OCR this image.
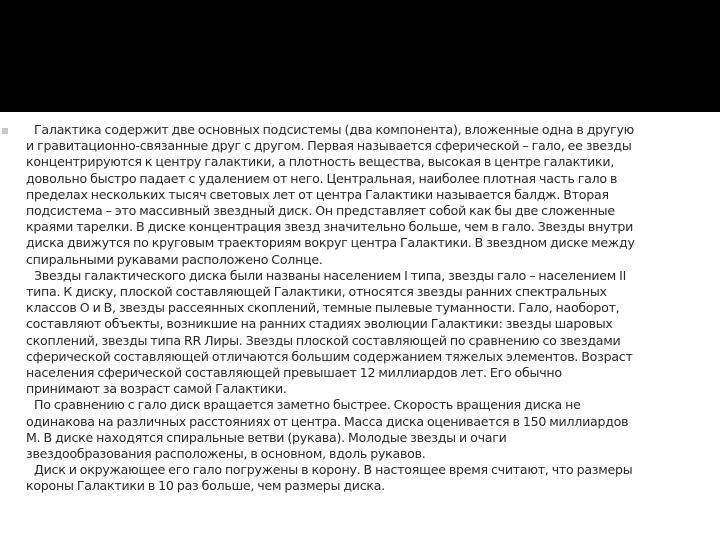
Галактика содержит две основных подсистемы (два компонента), вложенные одна в другую
и гравитационно-связанные друг с другом. Первая называется сферической – гало, ее звезды
концентрируются к центру галактики, а плотность вещества, высокая в центре галактики,
довольно быстро падает с удалением от него. Центральная, наиболее плотная часть гало в
пределах нескольких тысяч световых лет от центра Галактики называется балдж. Вторая
подсистема – это массивный звездный диск. Он представляет собой как бы две сложенные
краями тарелки. В диске концентрация звезд значительно больше, чем в гало. Звезды внутри
диска движутся по круговым траекториям вокруг центра Галактики. В звездном диске между
спиральными рукавами расположено Солнце.
Звезды галактического диска были названы населением I типа, звезды гало – населением II
типа. К диску, плоской составляющей Галактики, относятся звезды ранних спектральных
классов O и B, звезды рассеянных скоплений, темные пылевые туманности. Гало, наоборот,
составляют объекты, возникшие на ранних стадиях эволюции Галактики: звезды шаровых
скоплений, звезды типа RR Лиры. Звезды плоской составляющей по сравнению со звездами
сферической составляющей отличаются большим содержанием тяжелых элементов. Возраст
населения сферической составляющей превышает 12 миллиардов лет. Его обычно
принимают за возраст самой Галактики.
По сравнению с гало диск вращается заметно быстрее. Скорость вращения диска не
одинакова на различных расстояниях от центра. Масса диска оценивается в 150 миллиардов
М. В диске находятся спиральные ветви (рукава). Молодые звезды и очаги
звездообразования расположены, в основном, вдоль рукавов.
Диск и окружающее его гало погружены в корону. В настоящее время считают, что размеры
короны Галактики в 10 раз больше, чем размеры диска.
